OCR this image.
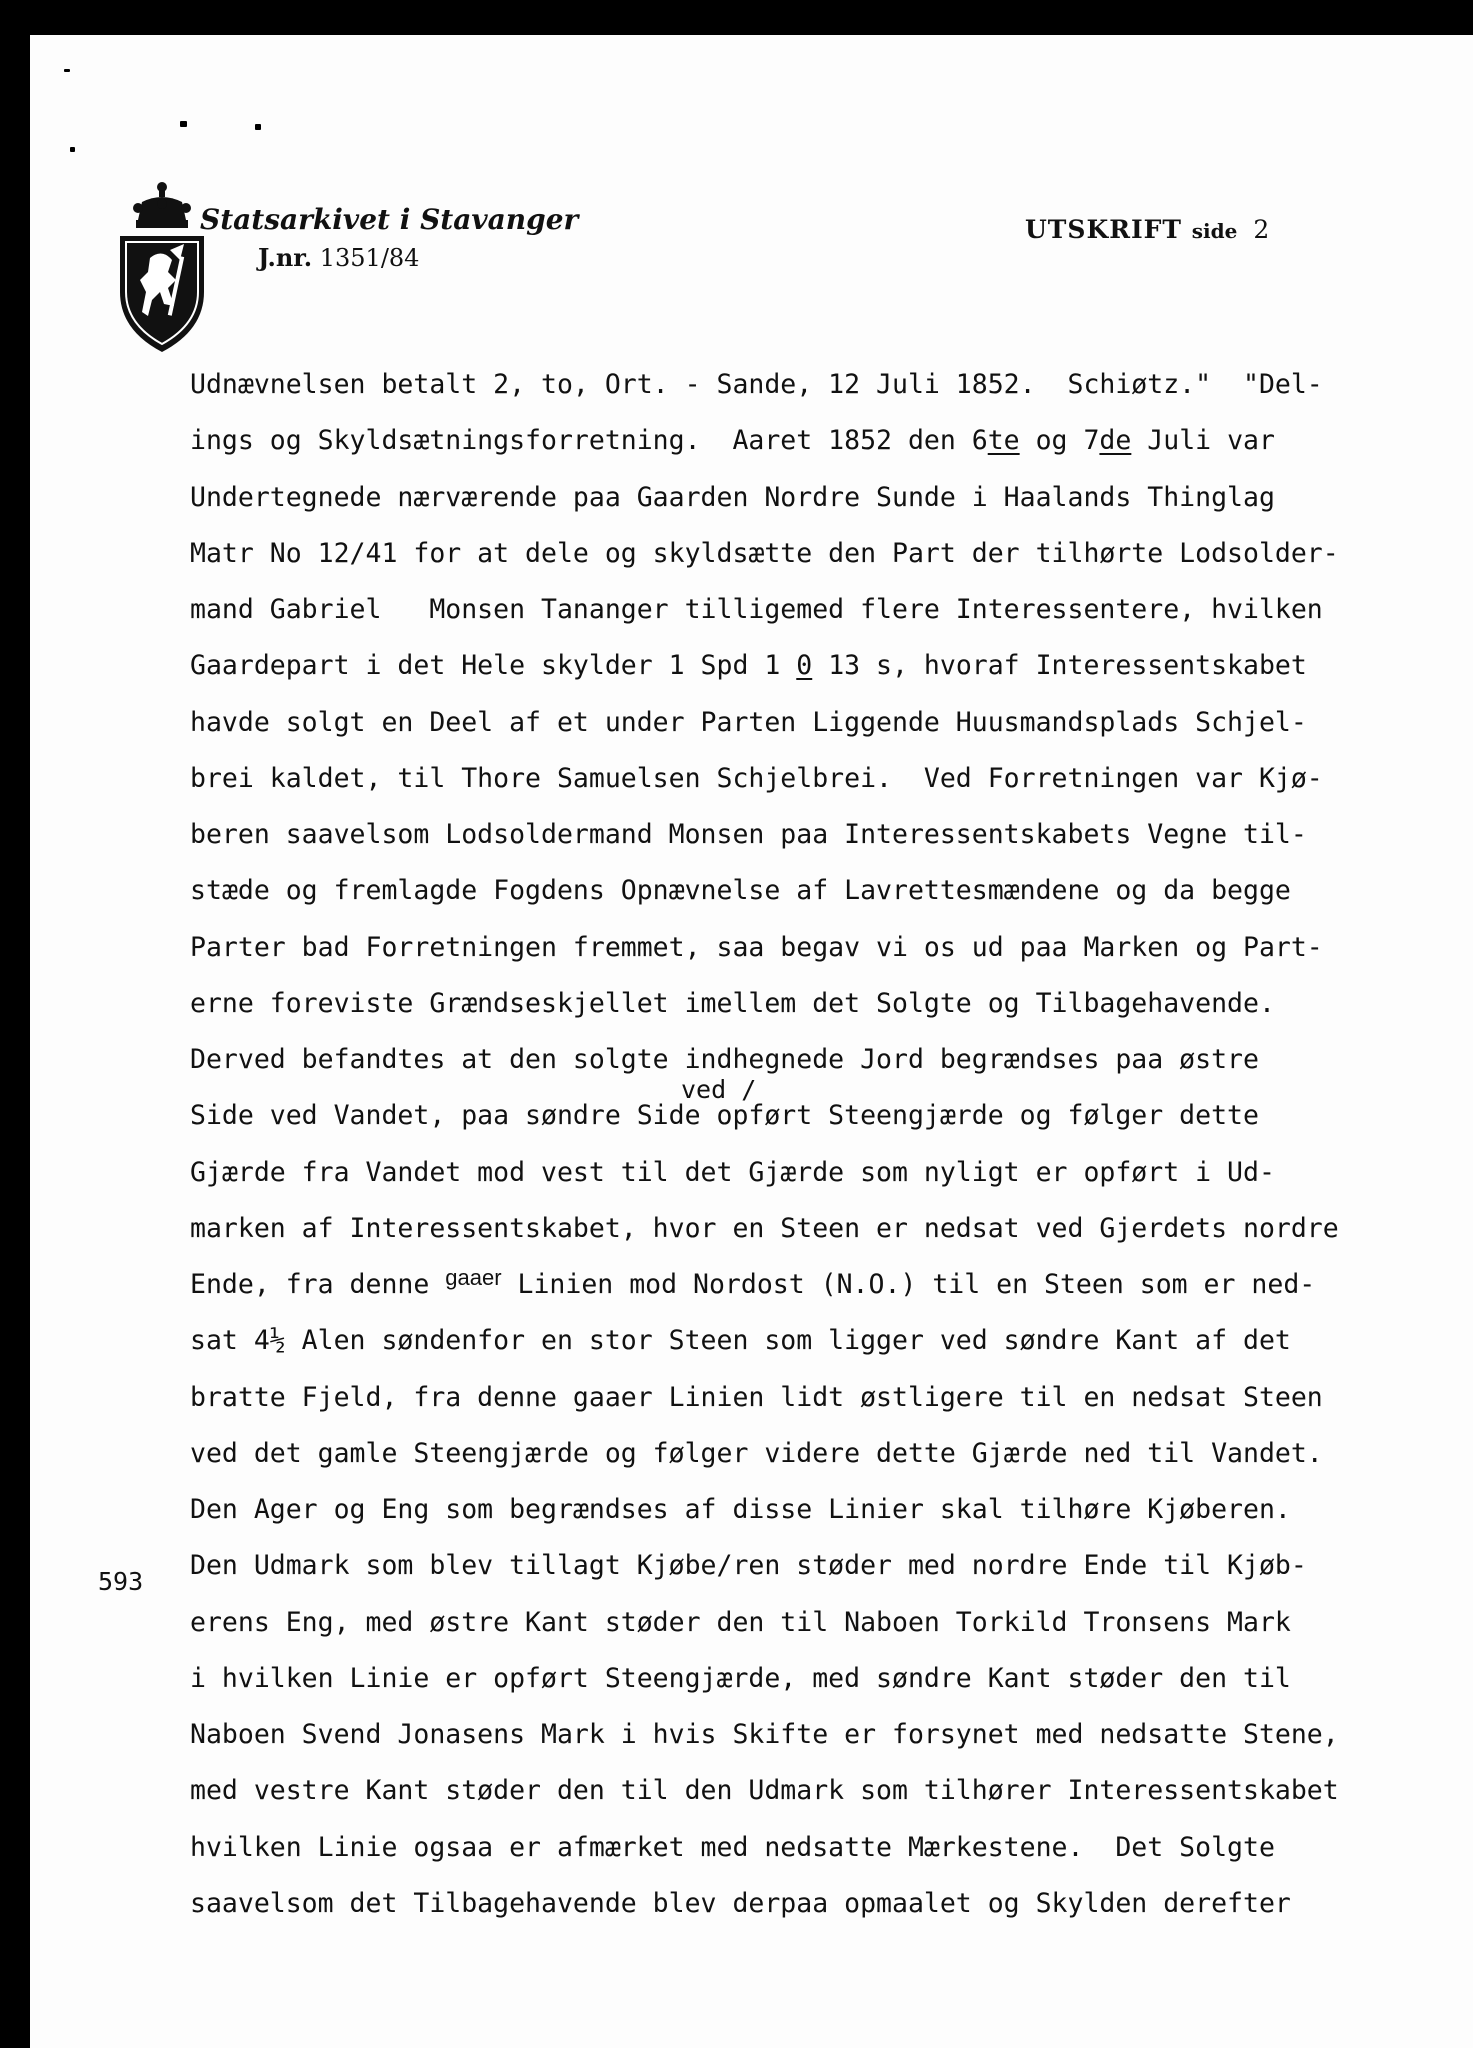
Statsarkivet i Stavanger
J.nr. 1351/84
UTSKRIFT side 2
593
ved /
Udnævnelsen betalt 2, to, Ort. - Sande, 12 Juli 1852.  Schiøtz."  "Del-
ings og Skyldsætningsforretning.  Aaret 1852 den 6te og 7de Juli var
Undertegnede nærværende paa Gaarden Nordre Sunde i Haalands Thinglag
Matr No 12/41 for at dele og skyldsætte den Part der tilhørte Lodsolder-
mand Gabriel   Monsen Tananger tilligemed flere Interessentere, hvilken
Gaardepart i det Hele skylder 1 Spd 1 0 13 s, hvoraf Interessentskabet
havde solgt en Deel af et under Parten Liggende Huusmandsplads Schjel-
brei kaldet, til Thore Samuelsen Schjelbrei.  Ved Forretningen var Kjø-
beren saavelsom Lodsoldermand Monsen paa Interessentskabets Vegne til-
stæde og fremlagde Fogdens Opnævnelse af Lavrettesmændene og da begge
Parter bad Forretningen fremmet, saa begav vi os ud paa Marken og Part-
erne foreviste Grændseskjellet imellem det Solgte og Tilbagehavende.
Derved befandtes at den solgte indhegnede Jord begrændses paa østre
Side ved Vandet, paa søndre Side opført Steengjærde og følger dette
Gjærde fra Vandet mod vest til det Gjærde som nyligt er opført i Ud-
marken af Interessentskabet, hvor en Steen er nedsat ved Gjerdets nordre
Ende, fra denne $^{gaaer}$ Linien mod Nordost (N.O.) til en Steen som er ned-
sat 4½ Alen søndenfor en stor Steen som ligger ved søndre Kant af det
bratte Fjeld, fra denne gaaer Linien lidt østligere til en nedsat Steen
ved det gamle Steengjærde og følger videre dette Gjærde ned til Vandet.
Den Ager og Eng som begrændses af disse Linier skal tilhøre Kjøberen.
Den Udmark som blev tillagt Kjøbe/ren støder med nordre Ende til Kjøb-
erens Eng, med østre Kant støder den til Naboen Torkild Tronsens Mark
i hvilken Linie er opført Steengjærde, med søndre Kant støder den til
Naboen Svend Jonasens Mark i hvis Skifte er forsynet med nedsatte Stene,
med vestre Kant støder den til den Udmark som tilhører Interessentskabet
hvilken Linie ogsaa er afmærket med nedsatte Mærkestene.  Det Solgte
saavelsom det Tilbagehavende blev derpaa opmaalet og Skylden derefter
